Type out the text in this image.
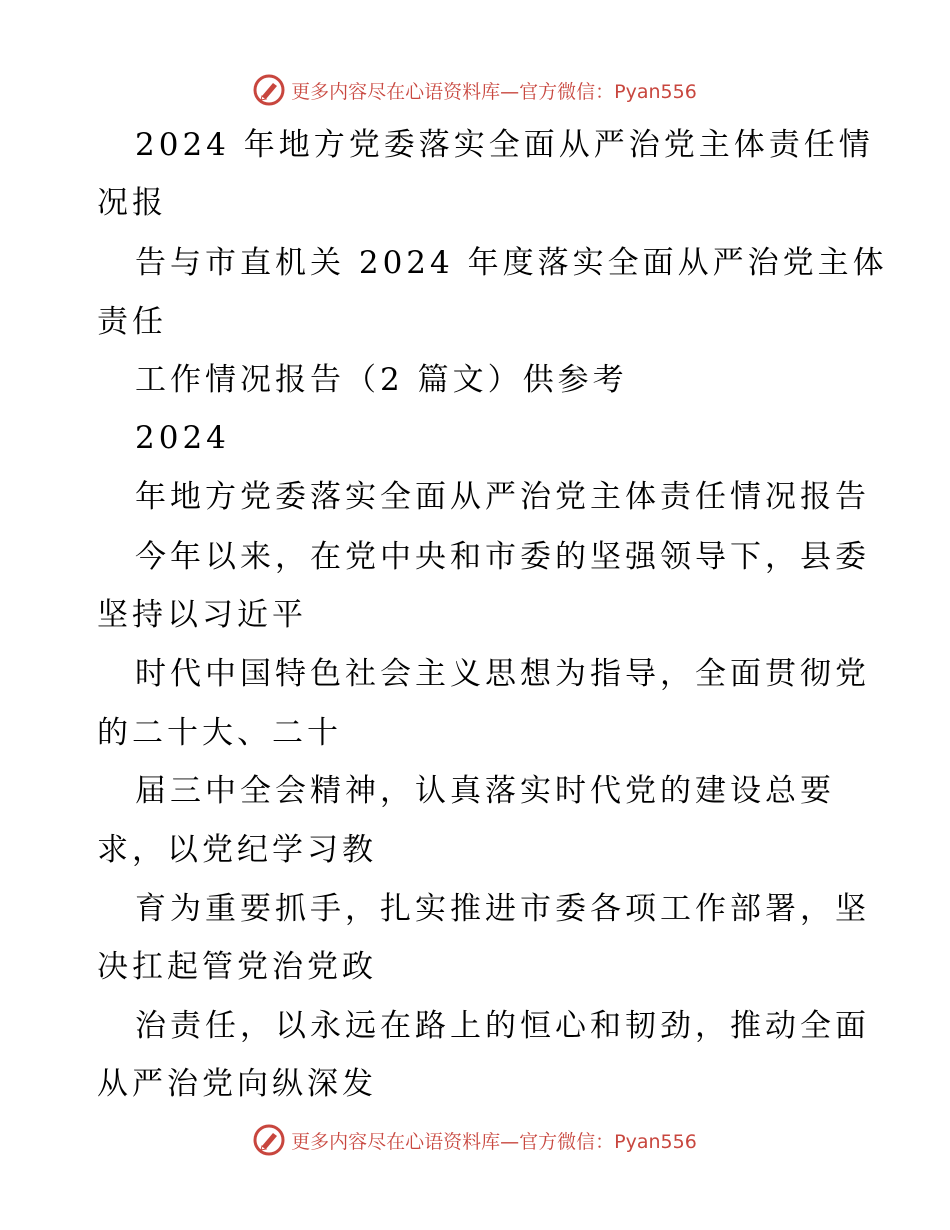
更多内容尽在心语资料库—官方微信：Pyan556
2024 年地方党委落实全面从严治党主体责任情
况报
告与市直机关 2024 年度落实全面从严治党主体
责任
工作情况报告（2 篇文）供参考
2024
年地方党委落实全面从严治党主体责任情况报告
今年以来，在党中央和市委的坚强领导下，县委
坚持以习近平
时代中国特色社会主义思想为指导，全面贯彻党
的二十大、二十
届三中全会精神，认真落实时代党的建设总要
求，以党纪学习教
育为重要抓手，扎实推进市委各项工作部署，坚
决扛起管党治党政
治责任，以永远在路上的恒心和韧劲，推动全面
从严治党向纵深发
更多内容尽在心语资料库—官方微信：Pyan556
